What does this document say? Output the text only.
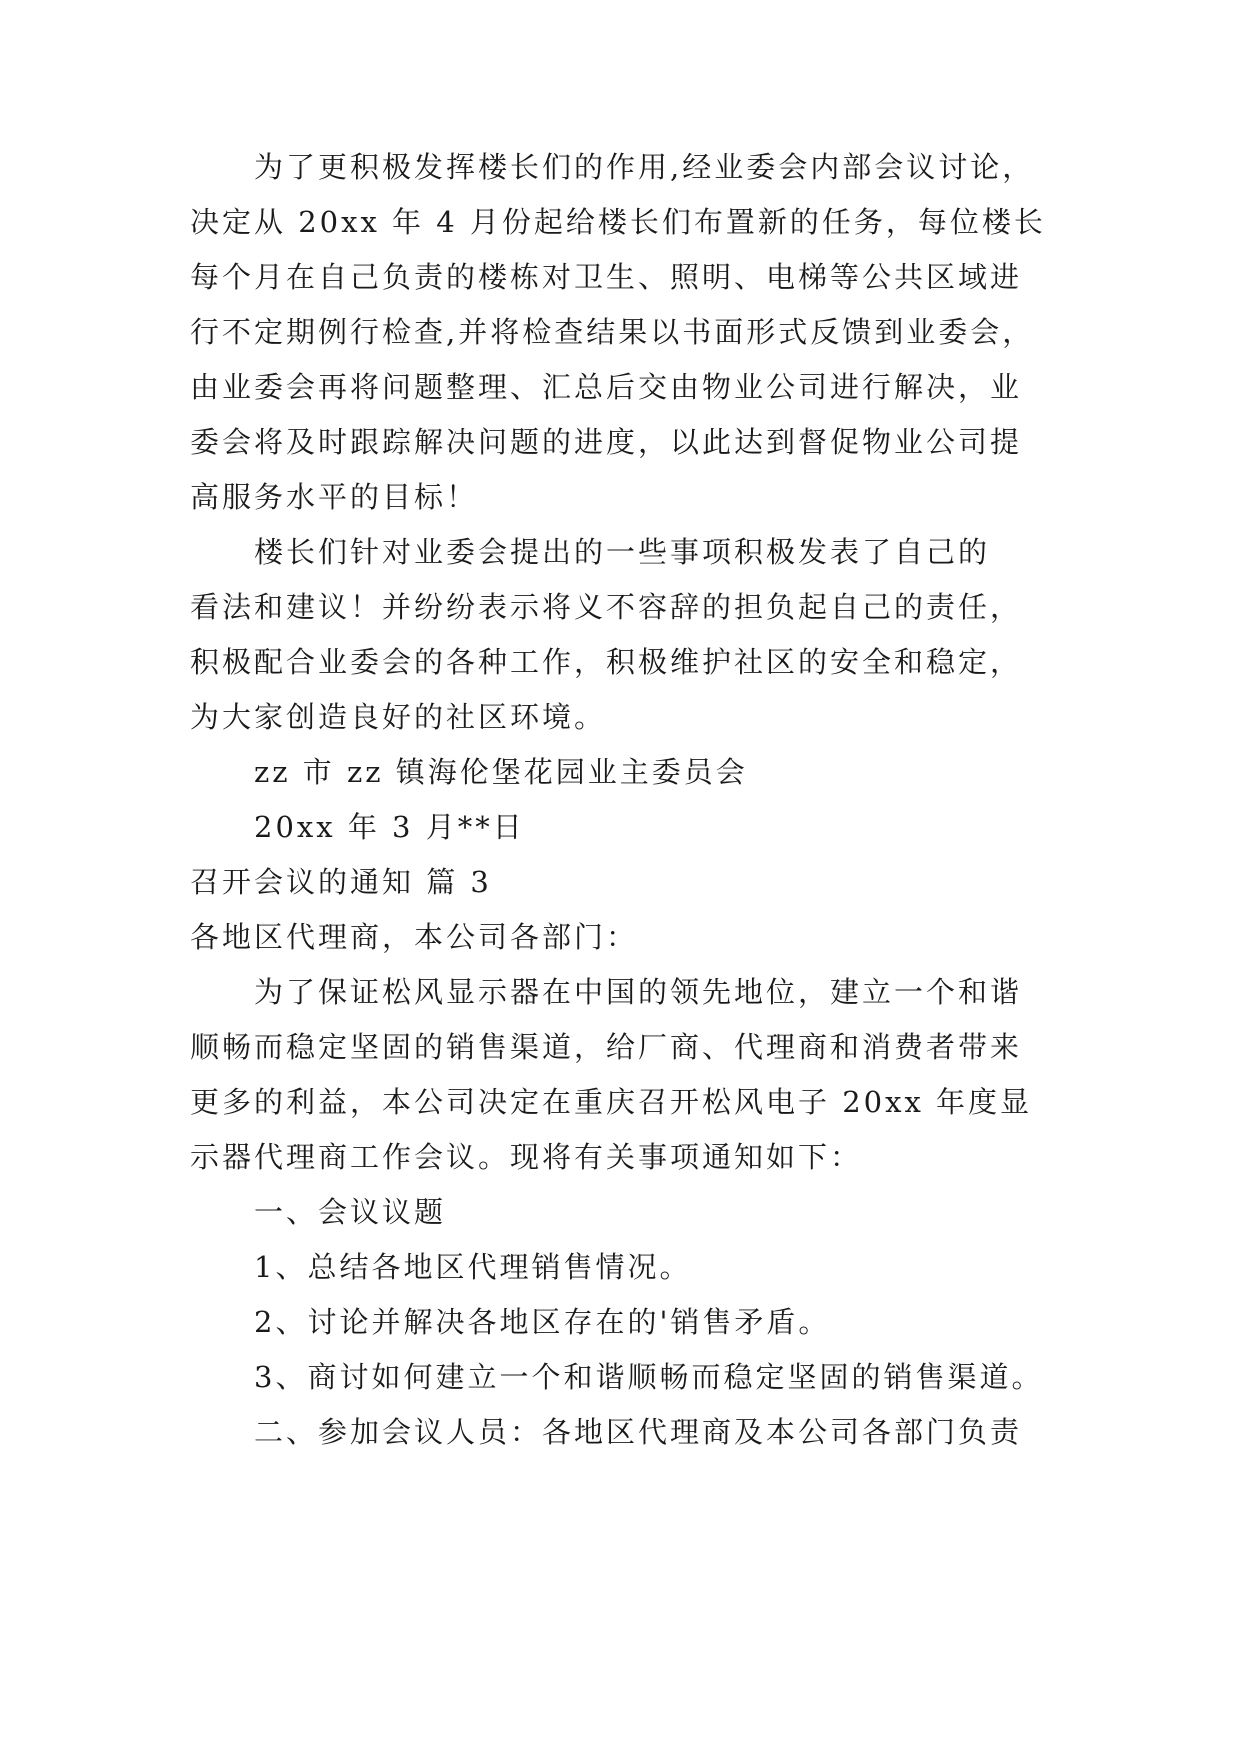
为了更积极发挥楼长们的作用,经业委会内部会议讨论，
决定从 20xx 年 4 月份起给楼长们布置新的任务，每位楼长
每个月在自己负责的楼栋对卫生、照明、电梯等公共区域进
行不定期例行检查,并将检查结果以书面形式反馈到业委会，
由业委会再将问题整理、汇总后交由物业公司进行解决，业
委会将及时跟踪解决问题的进度，以此达到督促物业公司提
高服务水平的目标！
楼长们针对业委会提出的一些事项积极发表了自己的
看法和建议！并纷纷表示将义不容辞的担负起自己的责任，
积极配合业委会的各种工作，积极维护社区的安全和稳定，
为大家创造良好的社区环境。
zz 市 zz 镇海伦堡花园业主委员会
20xx 年 3 月**日
召开会议的通知 篇 3
各地区代理商，本公司各部门：
为了保证松风显示器在中国的领先地位，建立一个和谐
顺畅而稳定坚固的销售渠道，给厂商、代理商和消费者带来
更多的利益，本公司决定在重庆召开松风电子 20xx 年度显
示器代理商工作会议。现将有关事项通知如下：
一、会议议题
1、总结各地区代理销售情况。
2、讨论并解决各地区存在的'销售矛盾。
3、商讨如何建立一个和谐顺畅而稳定坚固的销售渠道。
二、参加会议人员：各地区代理商及本公司各部门负责
